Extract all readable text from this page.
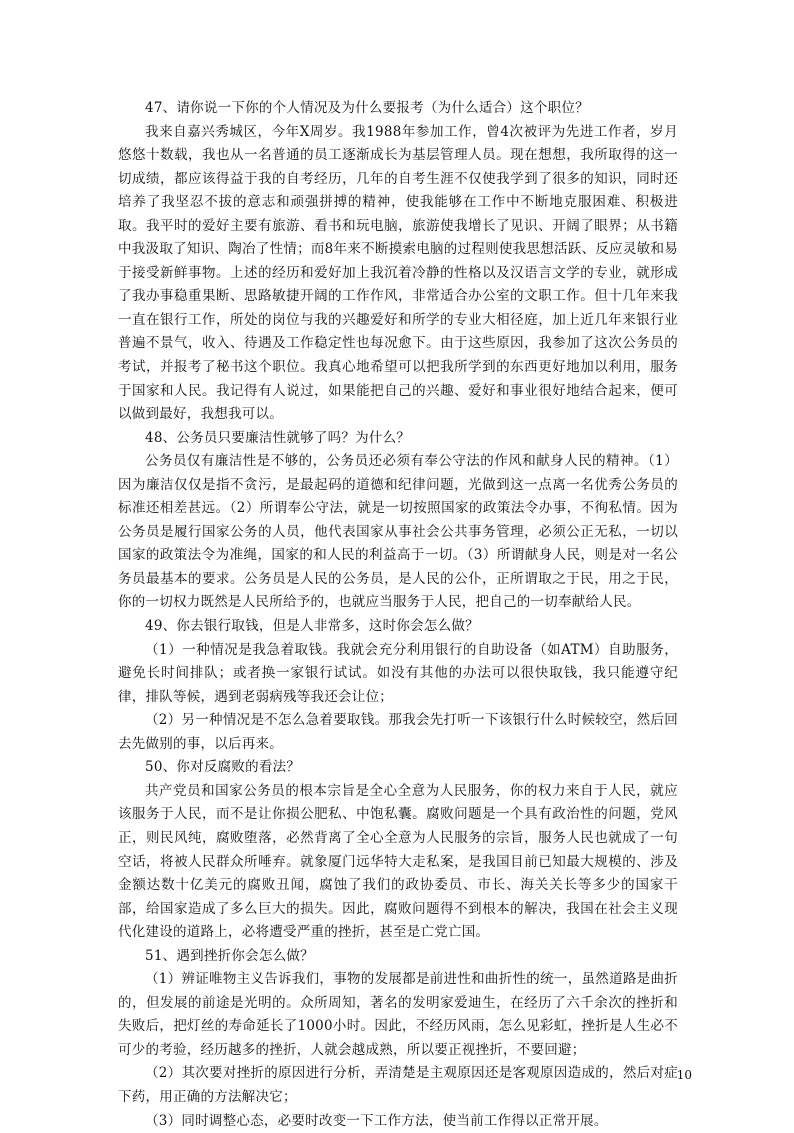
47、请你说一下你的个人情况及为什么要报考（为什么适合）这个职位？

我来自嘉兴秀城区，今年X周岁。我1988年参加工作，曾4次被评为先进工作者，岁月悠悠十数载，我也从一名普通的员工逐渐成长为基层管理人员。现在想想，我所取得的这一切成绩，都应该得益于我的自考经历，几年的自考生涯不仅使我学到了很多的知识，同时还培养了我坚忍不拔的意志和顽强拼搏的精神，使我能够在工作中不断地克服困难、积极进取。我平时的爱好主要有旅游、看书和玩电脑，旅游使我增长了见识、开阔了眼界；从书籍中我汲取了知识、陶冶了性情；而8年来不断摸索电脑的过程则使我思想活跃、反应灵敏和易于接受新鲜事物。上述的经历和爱好加上我沉着冷静的性格以及汉语言文学的专业，就形成了我办事稳重果断、思路敏捷开阔的工作作风，非常适合办公室的文职工作。但十几年来我一直在银行工作，所处的岗位与我的兴趣爱好和所学的专业大相径庭，加上近几年来银行业普遍不景气，收入、待遇及工作稳定性也每况愈下。由于这些原因，我参加了这次公务员的考试，并报考了秘书这个职位。我真心地希望可以把我所学到的东西更好地加以利用，服务于国家和人民。我记得有人说过，如果能把自己的兴趣、爱好和事业很好地结合起来，便可以做到最好，我想我可以。

48、公务员只要廉洁性就够了吗？为什么？

公务员仅有廉洁性是不够的，公务员还必须有奉公守法的作风和献身人民的精神。（1）因为廉洁仅仅是指不贪污，是最起码的道德和纪律问题，光做到这一点离一名优秀公务员的标准还相差甚远。（2）所谓奉公守法，就是一切按照国家的政策法令办事，不徇私情。因为公务员是履行国家公务的人员，他代表国家从事社会公共事务管理，必须公正无私，一切以国家的政策法令为准绳，国家的和人民的利益高于一切。（3）所谓献身人民，则是对一名公务员最基本的要求。公务员是人民的公务员，是人民的公仆，正所谓取之于民，用之于民，你的一切权力既然是人民所给予的，也就应当服务于人民，把自己的一切奉献给人民。

49、你去银行取钱，但是人非常多，这时你会怎么做？

（1）一种情况是我急着取钱。我就会充分利用银行的自助设备（如ATM）自助服务，避免长时间排队；或者换一家银行试试。如没有其他的办法可以很快取钱，我只能遵守纪律，排队等候，遇到老弱病残等我还会让位；

（2）另一种情况是不怎么急着要取钱。那我会先打听一下该银行什么时候较空，然后回去先做别的事，以后再来。

50、你对反腐败的看法？

共产党员和国家公务员的根本宗旨是全心全意为人民服务，你的权力来自于人民，就应该服务于人民，而不是让你损公肥私、中饱私囊。腐败问题是一个具有政治性的问题，党风正，则民风纯，腐败堕落，必然背离了全心全意为人民服务的宗旨，服务人民也就成了一句空话，将被人民群众所唾弃。就象厦门远华特大走私案，是我国目前已知最大规模的、涉及金额达数十亿美元的腐败丑闻，腐蚀了我们的政协委员、市长、海关关长等多少的国家干部，给国家造成了多么巨大的损失。因此，腐败问题得不到根本的解决，我国在社会主义现代化建设的道路上，必将遭受严重的挫折，甚至是亡党亡国。

51、遇到挫折你会怎么做？

（1）辨证唯物主义告诉我们，事物的发展都是前进性和曲折性的统一，虽然道路是曲折的，但发展的前途是光明的。众所周知，著名的发明家爱迪生，在经历了六千余次的挫折和失败后，把灯丝的寿命延长了1000小时。因此，不经历风雨，怎么见彩虹，挫折是人生必不可少的考验，经历越多的挫折，人就会越成熟，所以要正视挫折，不要回避；

（2）其次要对挫折的原因进行分析，弄清楚是主观原因还是客观原因造成的，然后对症下药，用正确的方法解决它；

（3）同时调整心态，必要时改变一下工作方法，使当前工作得以正常开展。

10
